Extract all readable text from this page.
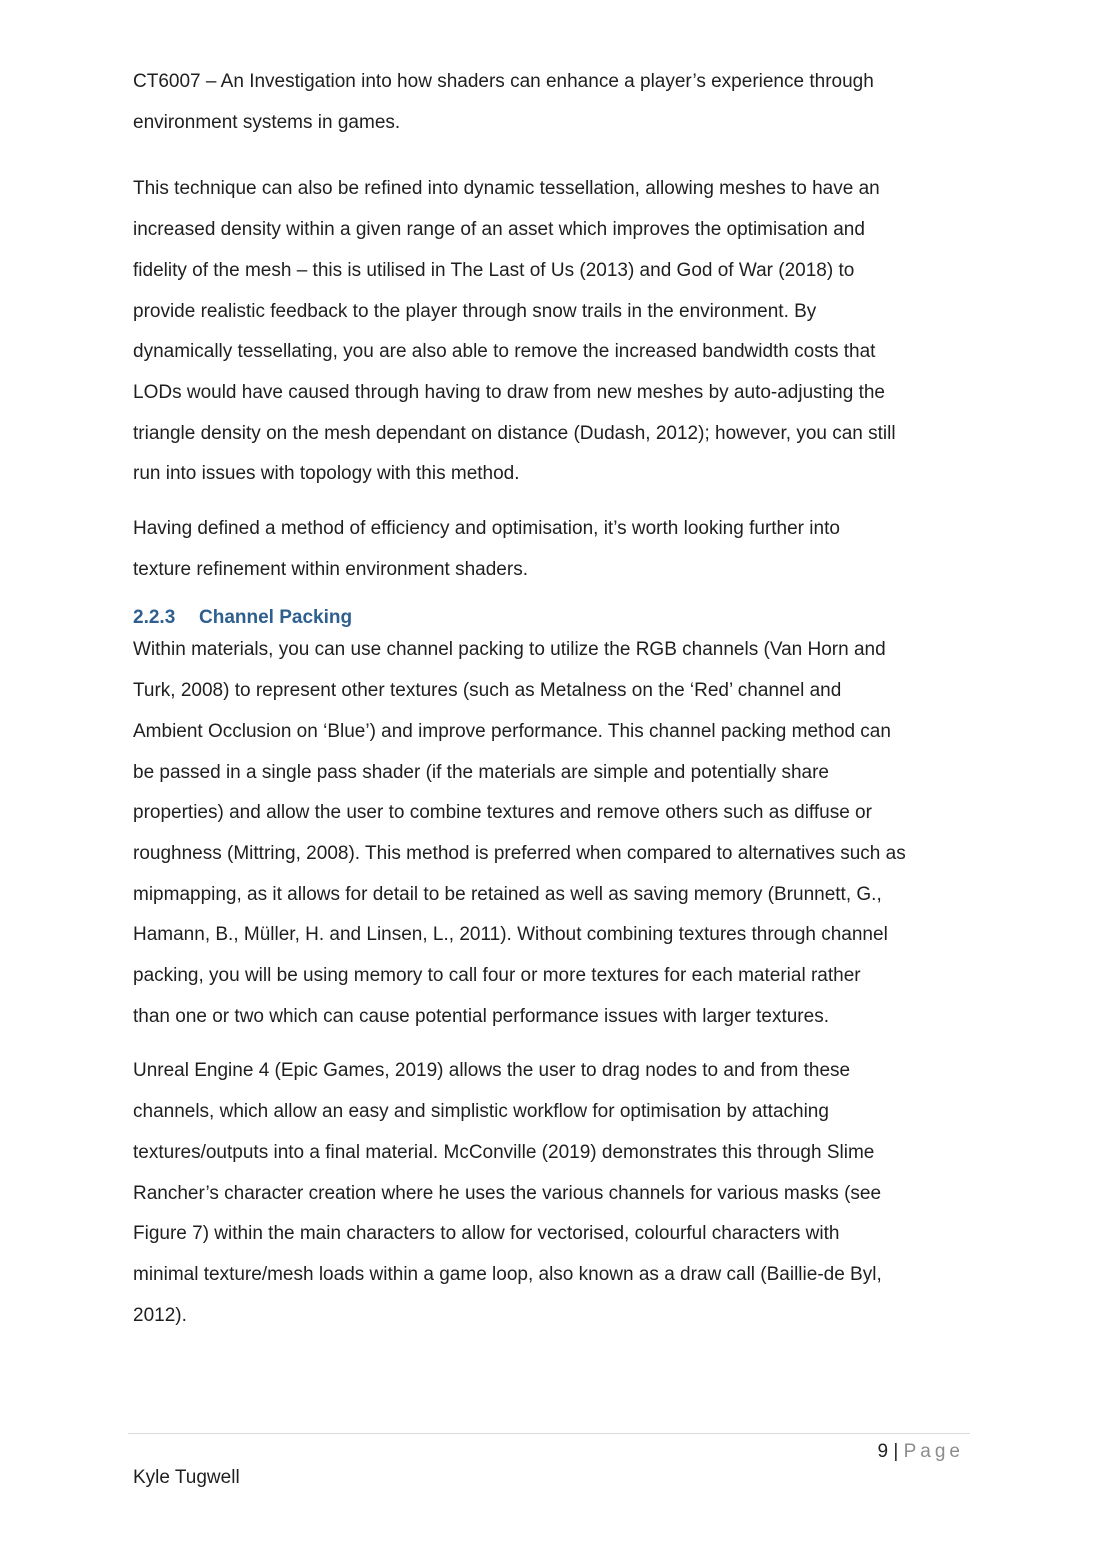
CT6007 – An Investigation into how shaders can enhance a player’s experience through

environment systems in games.

This technique can also be refined into dynamic tessellation, allowing meshes to have an

increased density within a given range of an asset which improves the optimisation and

fidelity of the mesh – this is utilised in The Last of Us (2013) and God of War (2018) to

provide realistic feedback to the player through snow trails in the environment. By

dynamically tessellating, you are also able to remove the increased bandwidth costs that

LODs would have caused through having to draw from new meshes by auto-adjusting the

triangle density on the mesh dependant on distance (Dudash, 2012); however, you can still

run into issues with topology with this method.

Having defined a method of efficiency and optimisation, it’s worth looking further into

texture refinement within environment shaders.

2.2.3 Channel Packing

Within materials, you can use channel packing to utilize the RGB channels (Van Horn and

Turk, 2008) to represent other textures (such as Metalness on the ‘Red’ channel and

Ambient Occlusion on ‘Blue’) and improve performance. This channel packing method can

be passed in a single pass shader (if the materials are simple and potentially share

properties) and allow the user to combine textures and remove others such as diffuse or

roughness (Mittring, 2008). This method is preferred when compared to alternatives such as

mipmapping, as it allows for detail to be retained as well as saving memory (Brunnett, G.,

Hamann, B., Müller, H. and Linsen, L., 2011). Without combining textures through channel

packing, you will be using memory to call four or more textures for each material rather

than one or two which can cause potential performance issues with larger textures.

Unreal Engine 4 (Epic Games, 2019) allows the user to drag nodes to and from these

channels, which allow an easy and simplistic workflow for optimisation by attaching

textures/outputs into a final material. McConville (2019) demonstrates this through Slime

Rancher’s character creation where he uses the various channels for various masks (see

Figure 7) within the main characters to allow for vectorised, colourful characters with

minimal texture/mesh loads within a game loop, also known as a draw call (Baillie-de Byl,

2012).

9 | Page
Kyle Tugwell
